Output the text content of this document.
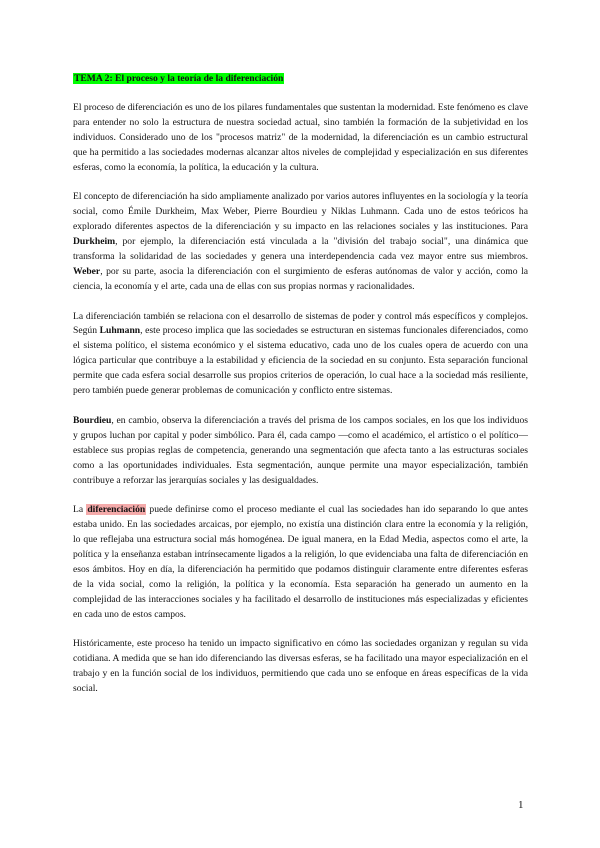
TEMA 2: El proceso y la teoría de la diferenciación

El proceso de diferenciación es uno de los pilares fundamentales que sustentan la modernidad. Este fenómeno es clave para entender no solo la estructura de nuestra sociedad actual, sino también la formación de la subjetividad en los individuos. Considerado uno de los "procesos matriz" de la modernidad, la diferenciación es un cambio estructural que ha permitido a las sociedades modernas alcanzar altos niveles de complejidad y especialización en sus diferentes esferas, como la economía, la política, la educación y la cultura.

El concepto de diferenciación ha sido ampliamente analizado por varios autores influyentes en la sociología y la teoría social, como Émile Durkheim, Max Weber, Pierre Bourdieu y Niklas Luhmann. Cada uno de estos teóricos ha explorado diferentes aspectos de la diferenciación y su impacto en las relaciones sociales y las instituciones. Para Durkheim, por ejemplo, la diferenciación está vinculada a la "división del trabajo social", una dinámica que transforma la solidaridad de las sociedades y genera una interdependencia cada vez mayor entre sus miembros. Weber, por su parte, asocia la diferenciación con el surgimiento de esferas autónomas de valor y acción, como la ciencia, la economía y el arte, cada una de ellas con sus propias normas y racionalidades.

La diferenciación también se relaciona con el desarrollo de sistemas de poder y control más específicos y complejos. Según Luhmann, este proceso implica que las sociedades se estructuran en sistemas funcionales diferenciados, como el sistema político, el sistema económico y el sistema educativo, cada uno de los cuales opera de acuerdo con una lógica particular que contribuye a la estabilidad y eficiencia de la sociedad en su conjunto. Esta separación funcional permite que cada esfera social desarrolle sus propios criterios de operación, lo cual hace a la sociedad más resiliente, pero también puede generar problemas de comunicación y conflicto entre sistemas.

Bourdieu, en cambio, observa la diferenciación a través del prisma de los campos sociales, en los que los individuos y grupos luchan por capital y poder simbólico. Para él, cada campo —como el académico, el artístico o el político— establece sus propias reglas de competencia, generando una segmentación que afecta tanto a las estructuras sociales como a las oportunidades individuales. Esta segmentación, aunque permite una mayor especialización, también contribuye a reforzar las jerarquías sociales y las desigualdades.

La diferenciación puede definirse como el proceso mediante el cual las sociedades han ido separando lo que antes estaba unido. En las sociedades arcaicas, por ejemplo, no existía una distinción clara entre la economía y la religión, lo que reflejaba una estructura social más homogénea. De igual manera, en la Edad Media, aspectos como el arte, la política y la enseñanza estaban intrínsecamente ligados a la religión, lo que evidenciaba una falta de diferenciación en esos ámbitos. Hoy en día, la diferenciación ha permitido que podamos distinguir claramente entre diferentes esferas de la vida social, como la religión, la política y la economía. Esta separación ha generado un aumento en la complejidad de las interacciones sociales y ha facilitado el desarrollo de instituciones más especializadas y eficientes en cada uno de estos campos.

Históricamente, este proceso ha tenido un impacto significativo en cómo las sociedades organizan y regulan su vida cotidiana. A medida que se han ido diferenciando las diversas esferas, se ha facilitado una mayor especialización en el trabajo y en la función social de los individuos, permitiendo que cada uno se enfoque en áreas específicas de la vida social.

1
